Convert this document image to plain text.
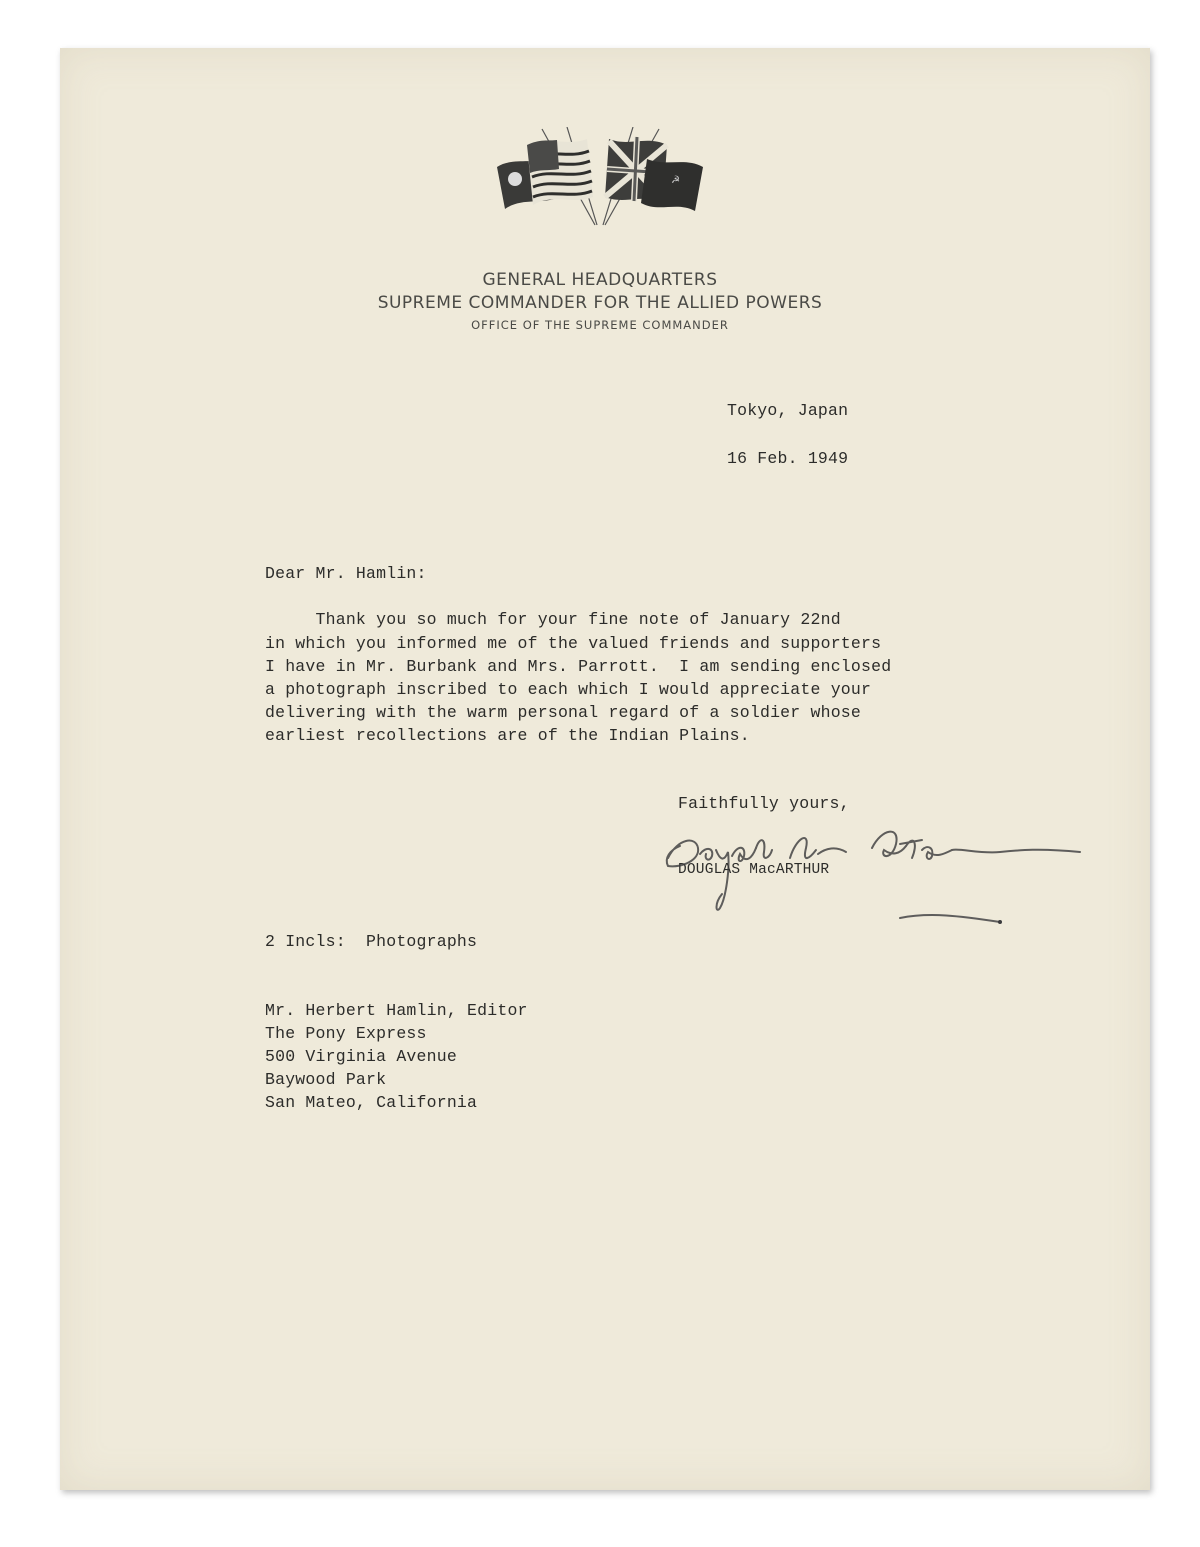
☭
GENERAL HEADQUARTERS
SUPREME COMMANDER FOR THE ALLIED POWERS
OFFICE OF THE SUPREME COMMANDER
Tokyo, Japan
16 Feb. 1949
Dear Mr. Hamlin:
Thank you so much for your fine note of January 22nd
in which you informed me of the valued friends and supporters
I have in Mr. Burbank and Mrs. Parrott.  I am sending enclosed
a photograph inscribed to each which I would appreciate your
delivering with the warm personal regard of a soldier whose
earliest recollections are of the Indian Plains.
Faithfully yours,
DOUGLAS MacARTHUR
2 Incls:  Photographs
Mr. Herbert Hamlin, Editor
The Pony Express
500 Virginia Avenue
Baywood Park
San Mateo, California
